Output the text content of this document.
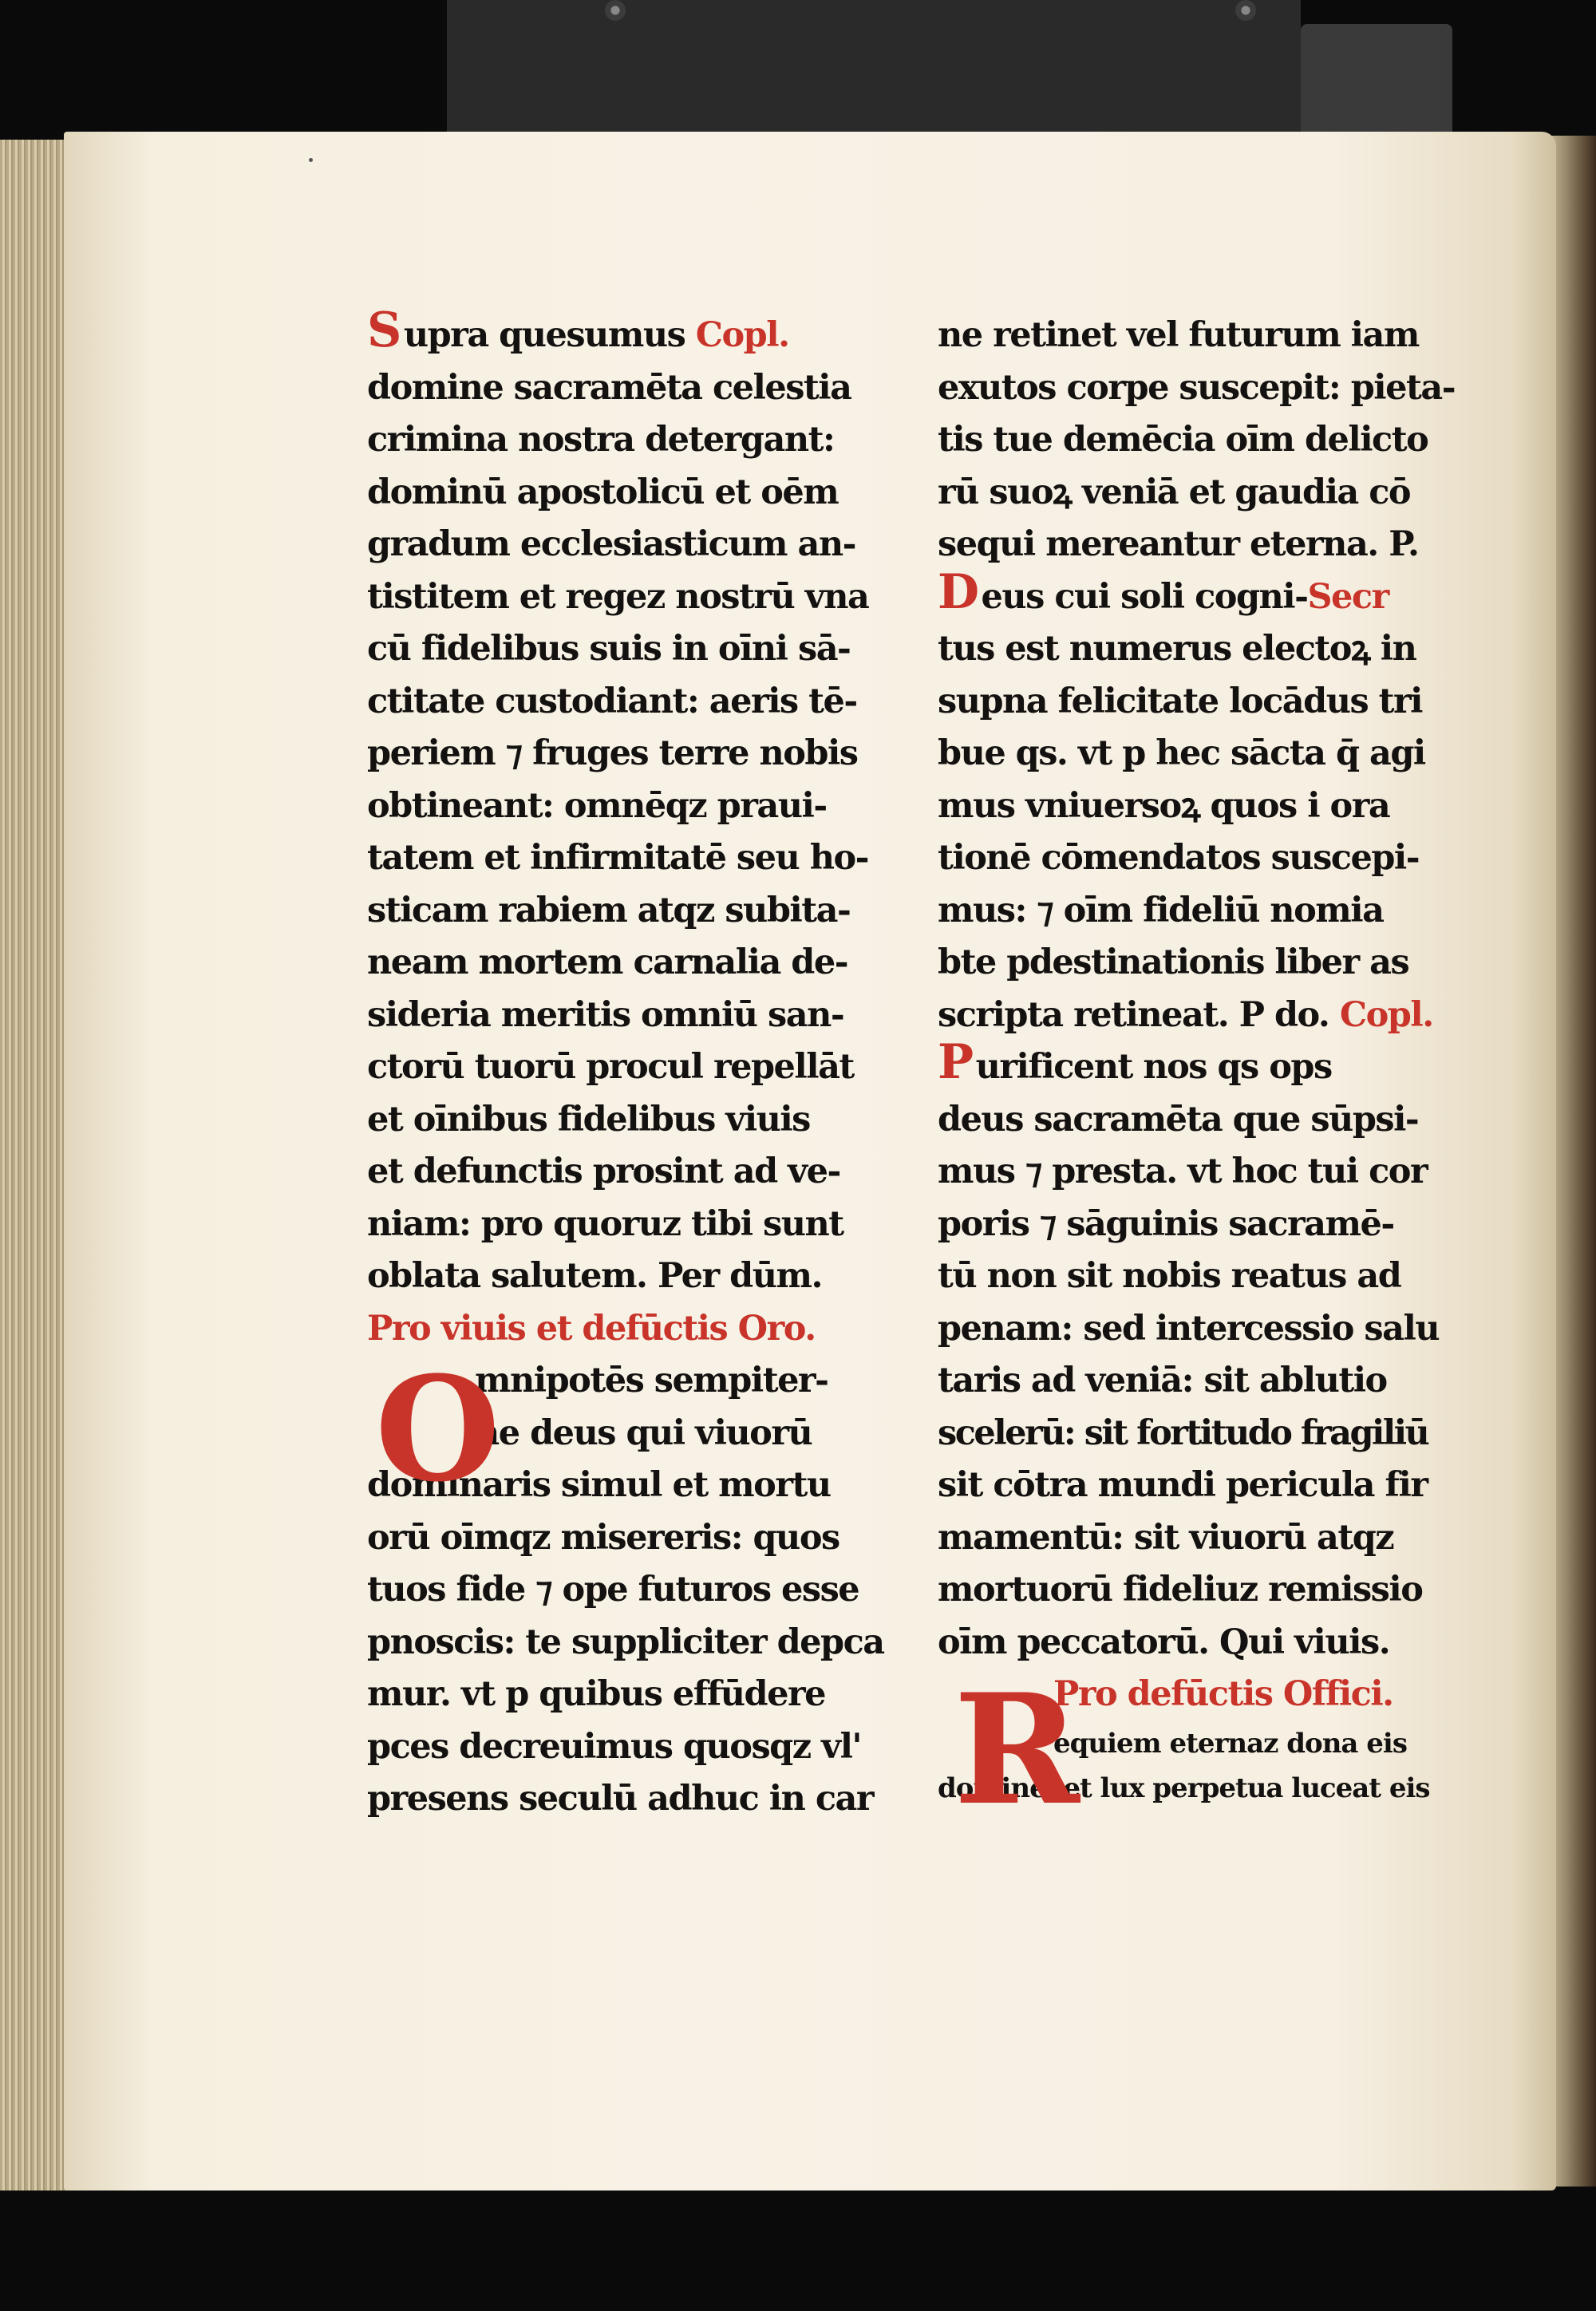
Supra quesumus Copl.
domine sacramēta celestia
crimina nostra detergant:
dominū apostolicū et oēm
gradum ecclesiasticum an-
tistitem et regez nostrū vna
cū fidelibus suis in oīni sā-
ctitate custodiant: aeris tē-
periem ⁊ fruges terre nobis
obtineant: omnēqz praui-
tatem et infirmitatē seu ho-
sticam rabiem atqz subita-
neam mortem carnalia de-
sideria meritis omniū san-
ctorū tuorū procul repellāt
et oīnibus fidelibus viuis
et defunctis prosint ad ve-
niam: pro quoruz tibi sunt
oblata salutem. Per dūm.
Pro viuis et defūctis Oro.
mnipotēs sempiter-
ne deus qui viuorū
dominaris simul et mortu
orū oīmqz misereris: quos
tuos fide ⁊ ope futuros esse
pnoscis: te suppliciter depca
mur. vt p quibus effūdere
pces decreuimus quosqz vl'
presens seculū adhuc in car
O
ne retinet vel futurum iam
exutos corpe suscepit: pieta-
tis tue demēcia oīm delicto
rū suoꝝ veniā et gaudia cō
sequi mereantur eterna. P.
Deus cui soli cogni-Secr
tus est numerus electoꝝ in
supna felicitate locādus tri
bue qs. vt p hec sācta q̄ agi
mus vniuersoꝝ quos i ora
tionē cōmendatos suscepi-
mus: ⁊ oīm fideliū nomia
bte pdestinationis liber as
scripta retineat. P do. Copl.
Purificent nos qs ops
deus sacramēta que sūpsi-
mus ⁊ presta. vt hoc tui cor
poris ⁊ sāguinis sacramē-
tū non sit nobis reatus ad
penam: sed intercessio salu
taris ad veniā: sit ablutio
scelerū: sit fortitudo fragiliū
sit cōtra mundi pericula fir
mamentū: sit viuorū atqz
mortuorū fideliuz remissio
oīm peccatorū. Qui viuis.
Pro defūctis Offici.
equiem eternaz dona eis
domine. et lux perpetua luceat eis
R
